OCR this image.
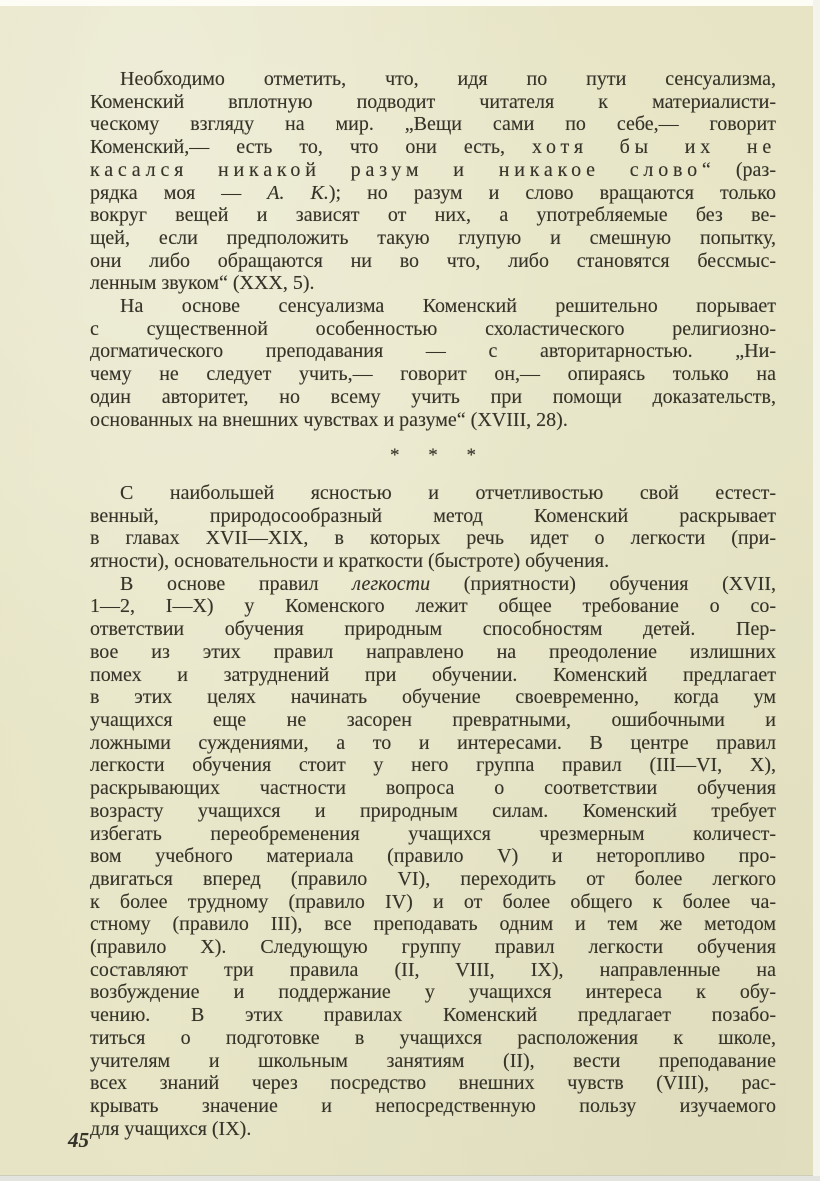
Необходимо отметить, что, идя по пути сенсуализма,
Коменский вплотную подводит читателя к материалисти-
ческому взгляду на мир. „Вещи сами по себе,— говорит
Коменский,— есть то, что они есть, хотя бы их не
касался никакой разум и никакое слово“ (раз-
рядка моя — А. К.); но разум и слово вращаются только
вокруг вещей и зависят от них, а употребляемые без ве-
щей, если предположить такую глупую и смешную попытку,
они либо обращаются ни во что, либо становятся бессмыс-
ленным звуком“ (XXX, 5).

На основе сенсуализма Коменский решительно порывает
с существенной особенностью схоластического религиозно-
догматического преподавания — с авторитарностью. „Ни-
чему не следует учить,— говорит он,— опираясь только на
один авторитет, но всему учить при помощи доказательств,
основанных на внешних чувствах и разуме“ (XVIII, 28).

* * *

С наибольшей ясностью и отчетливостью свой естест-
венный, природосообразный метод Коменский раскрывает
в главах XVII—XIX, в которых речь идет о легкости (при-
ятности), основательности и краткости (быстроте) обучения.

В основе правил легкости (приятности) обучения (XVII,
1—2, I—X) у Коменского лежит общее требование о со-
ответствии обучения природным способностям детей. Пер-
вое из этих правил направлено на преодоление излишних
помех и затруднений при обучении. Коменский предлагает
в этих целях начинать обучение своевременно, когда ум
учащихся еще не засорен превратными, ошибочными и
ложными суждениями, а то и интересами. В центре правил
легкости обучения стоит у него группа правил (III—VI, X),
раскрывающих частности вопроса о соответствии обучения
возрасту учащихся и природным силам. Коменский требует
избегать переобременения учащихся чрезмерным количест-
вом учебного материала (правило V) и неторопливо про-
двигаться вперед (правило VI), переходить от более легкого
к более трудному (правило IV) и от более общего к более ча-
стному (правило III), все преподавать одним и тем же методом
(правило X). Следующую группу правил легкости обучения
составляют три правила (II, VIII, IX), направленные на
возбуждение и поддержание у учащихся интереса к обу-
чению. В этих правилах Коменский предлагает позабо-
титься о подготовке в учащихся расположения к школе,
учителям и школьным занятиям (II), вести преподавание
всех знаний через посредство внешних чувств (VIII), рас-
крывать значение и непосредственную пользу изучаемого
для учащихся (IX).

45
